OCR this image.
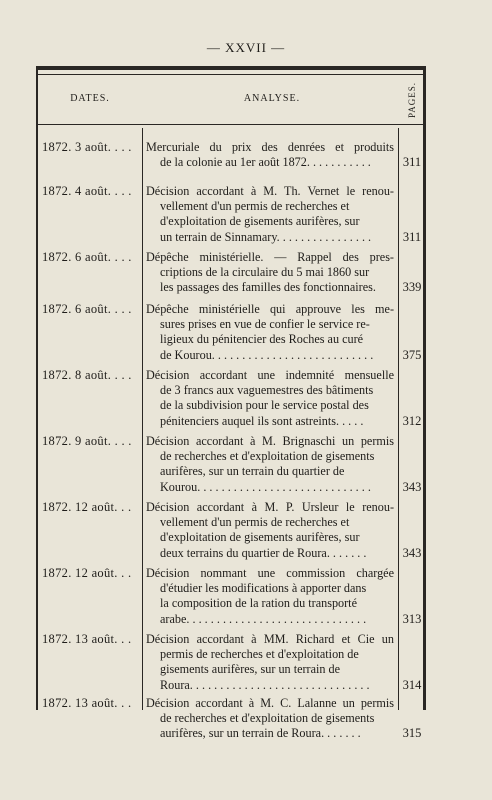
— XXVII —
DATES.	ANALYSE.	PAGES.
1872. 3 août. . . .	Mercuriale du prix des denrées et produits
de la colonie au 1er août 1872. . . . . . . . . . .	311
1872. 4 août. . . .	Décision accordant à M. Th. Vernet le renou-
vellement d'un permis de recherches et
d'exploitation de gisements aurifères, sur
un terrain de Sinnamary. . . . . . . . . . . . . . . .	311
1872. 6 août. . . .	Dépêche ministérielle. — Rappel des pres-
criptions de la circulaire du 5 mai 1860 sur
les passages des familles des fonctionnaires.	339
1872. 6 août. . . .	Dépêche ministérielle qui approuve les me-
sures prises en vue de confier le service re-
ligieux du pénitencier des Roches au curé
de Kourou. . . . . . . . . . . . . . . . . . . . . . . . . . .	375
1872. 8 août. . . .	Décision accordant une indemnité mensuelle
de 3 francs aux vaguemestres des bâtiments
de la subdivision pour le service postal des
pénitenciers auquel ils sont astreints. . . . .	312
1872. 9 août. . . .	Décision accordant à M. Brignaschi un permis
de recherches et d'exploitation de gisements
aurifères, sur un terrain du quartier de
Kourou. . . . . . . . . . . . . . . . . . . . . . . . . . . . .	343
1872. 12 août. . .	Décision accordant à M. P. Ursleur le renou-
vellement d'un permis de recherches et
d'exploitation de gisements aurifères, sur
deux terrains du quartier de Roura. . . . . . .	343
1872. 12 août. . .	Décision nommant une commission chargée
d'étudier les modifications à apporter dans
la composition de la ration du transporté
arabe. . . . . . . . . . . . . . . . . . . . . . . . . . . . . .	313
1872. 13 août. . .	Décision accordant à MM. Richard et Cie un
permis de recherches et d'exploitation de
gisements aurifères, sur un terrain de
Roura. . . . . . . . . . . . . . . . . . . . . . . . . . . . . .	314
1872. 13 août. . .	Décision accordant à M. C. Lalanne un permis
de recherches et d'exploitation de gisements
aurifères, sur un terrain de Roura. . . . . . .	315
